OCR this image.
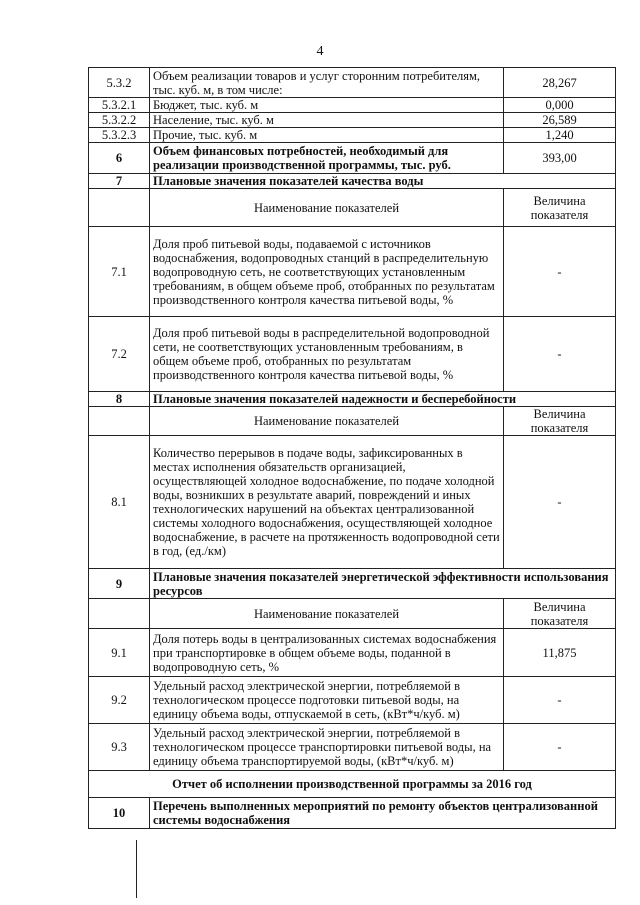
4
5.3.2	Объем реализации товаров и услуг сторонним потребителям, тыс. куб. м, в том числе:	28,267
5.3.2.1	Бюджет, тыс. куб. м	0,000
5.3.2.2	Население, тыс. куб. м	26,589
5.3.2.3	Прочие, тыс. куб. м	1,240
6	Объем финансовых потребностей, необходимый для реализации производственной программы, тыс. руб.	393,00
7	Плановые значения показателей качества воды	
	Наименование показателей	Величина показателя
7.1	Доля проб питьевой воды, подаваемой с источников водоснабжения, водопроводных станций в распределительную водопроводную сеть, не соответствующих установленным требованиям, в общем объеме проб, отобранных по результатам производственного контроля качества питьевой воды, %	-
7.2	Доля проб питьевой воды в распределительной водопроводной сети, не соответствующих установленным требованиям, в общем объеме проб, отобранных по результатам производственного контроля качества питьевой воды, %	-
8	Плановые значения показателей надежности и бесперебойности	
	Наименование показателей	Величина показателя
8.1	Количество перерывов в подаче воды, зафиксированных в местах исполнения обязательств организацией, осуществляющей холодное водоснабжение, по подаче холодной воды, возникших в результате аварий, повреждений и иных технологических нарушений на объектах централизованной системы холодного водоснабжения, осуществляющей холодное водоснабжение, в расчете на протяженность водопроводной сети в год, (ед./км)	-
9	Плановые значения показателей энергетической эффективности использования ресурсов	
	Наименование показателей	Величина показателя
9.1	Доля потерь воды в централизованных системах водоснабжения при транспортировке в общем объеме воды, поданной в водопроводную сеть, %	11,875
9.2	Удельный расход электрической энергии, потребляемой в технологическом процессе подготовки питьевой воды, на единицу объема воды, отпускаемой в сеть, (кВт*ч/куб. м)	-
9.3	Удельный расход электрической энергии, потребляемой в технологическом процессе транспортировки питьевой воды, на единицу объема транспортируемой воды, (кВт*ч/куб. м)	-
Отчет об исполнении производственной программы за 2016 год		
10	Перечень выполненных мероприятий по ремонту объектов централизованной системы водоснабжения	
